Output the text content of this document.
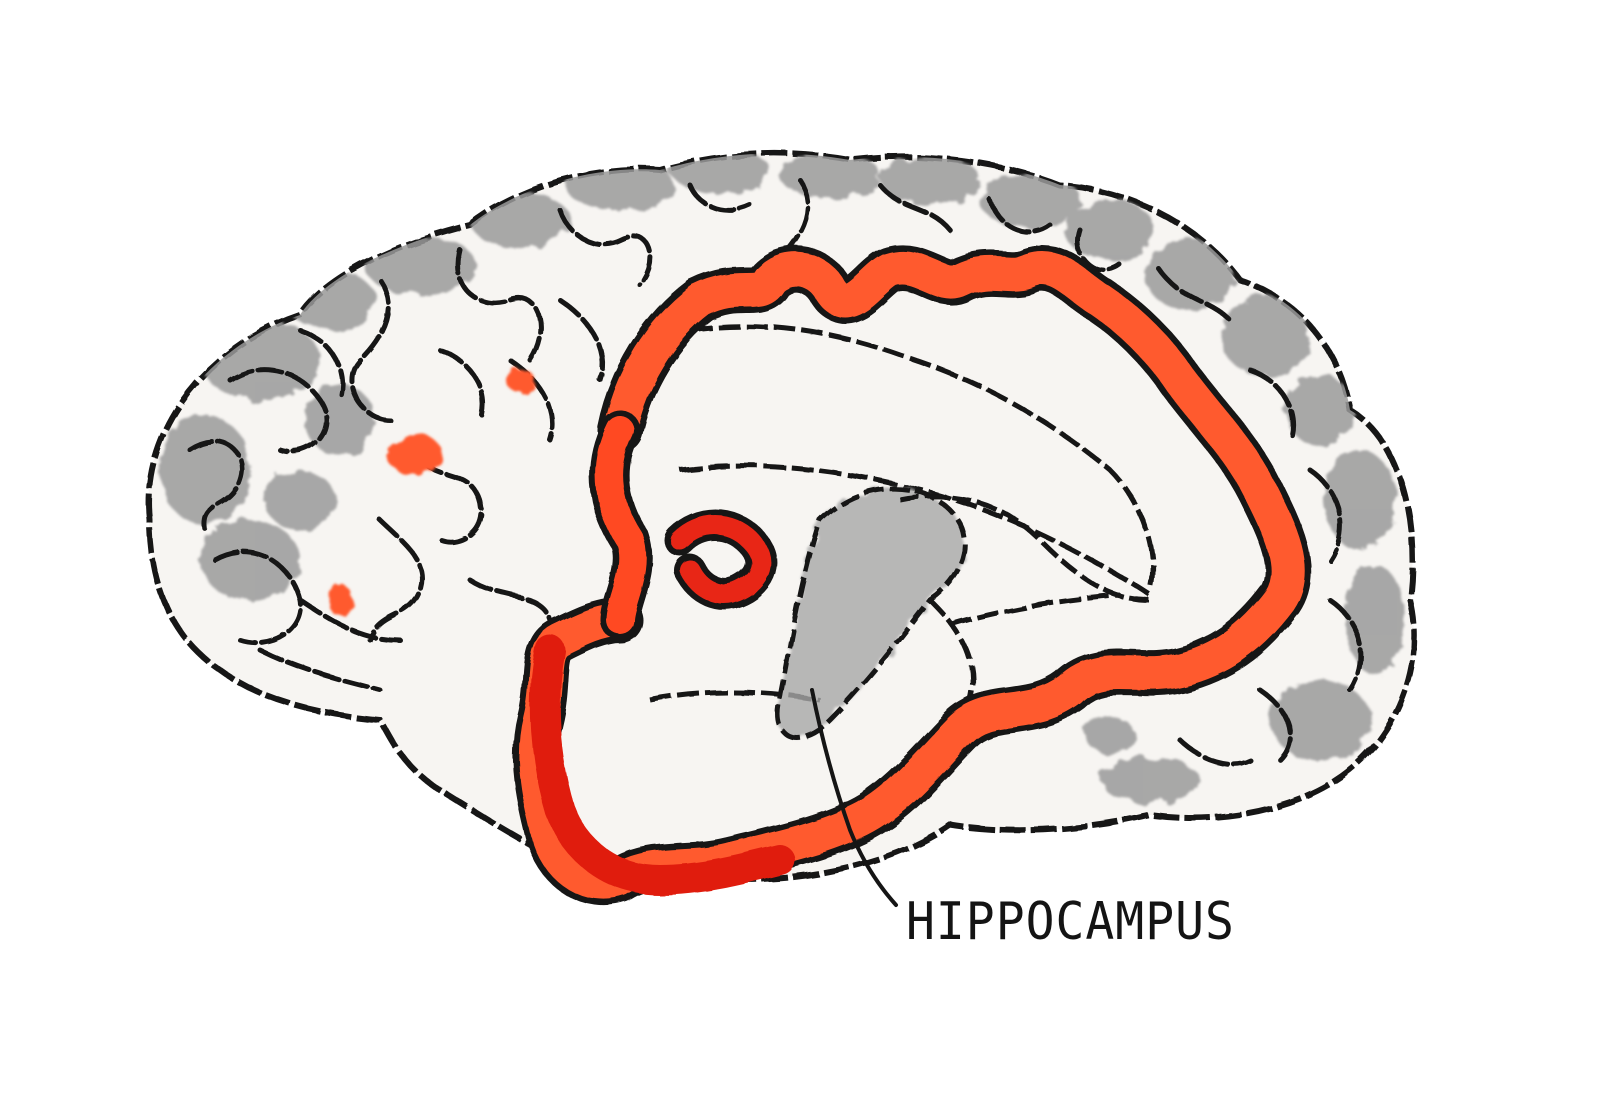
HIPPOCAMPUS
